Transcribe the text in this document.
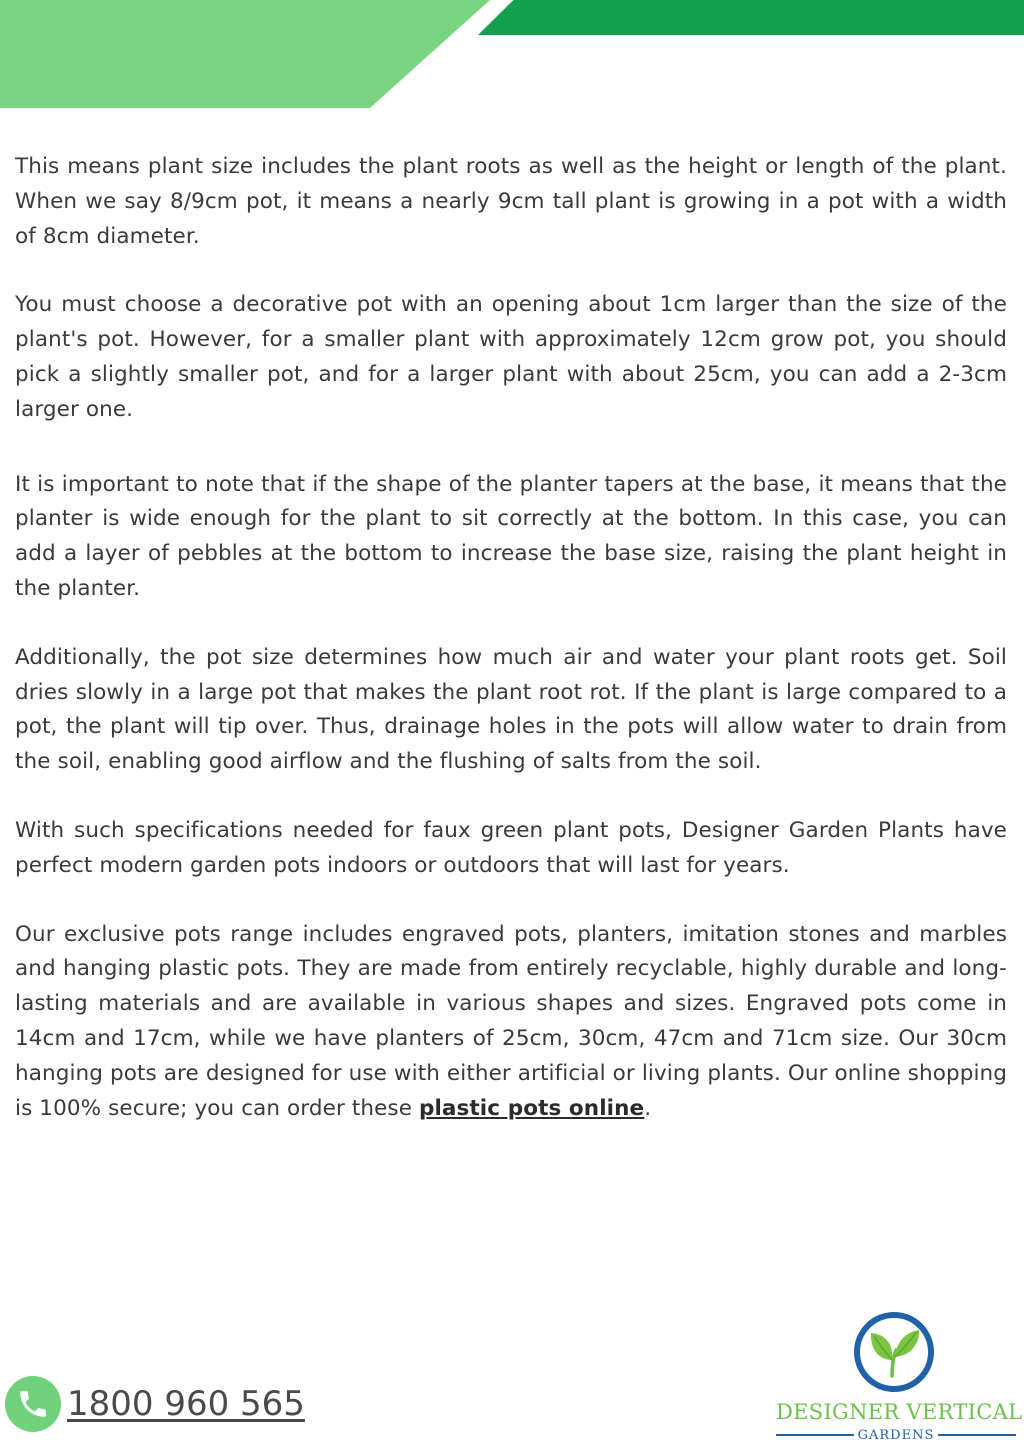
This means plant size includes the plant roots as well as the height or length of the plant. When we say 8/9cm pot, it means a nearly 9cm tall plant is growing in a pot with a width of 8cm diameter.

You must choose a decorative pot with an opening about 1cm larger than the size of the plant's pot. However, for a smaller plant with approximately 12cm grow pot, you should pick a slightly smaller pot, and for a larger plant with about 25cm, you can add a 2-3cm larger one.

It is important to note that if the shape of the planter tapers at the base, it means that the planter is wide enough for the plant to sit correctly at the bottom. In this case, you can add a layer of pebbles at the bottom to increase the base size, raising the plant height in the planter.

Additionally, the pot size determines how much air and water your plant roots get. Soil dries slowly in a large pot that makes the plant root rot. If the plant is large compared to a pot, the plant will tip over. Thus, drainage holes in the pots will allow water to drain from the soil, enabling good airflow and the flushing of salts from the soil.

With such specifications needed for faux green plant pots, Designer Garden Plants have perfect modern garden pots indoors or outdoors that will last for years.

Our exclusive pots range includes engraved pots, planters, imitation stones and marbles and hanging plastic pots. They are made from entirely recyclable, highly durable and long-lasting materials and are available in various shapes and sizes. Engraved pots come in 14cm and 17cm, while we have planters of 25cm, 30cm, 47cm and 71cm size. Our 30cm hanging pots are designed for use with either artificial or living plants. Our online shopping is 100% secure; you can order these plastic pots online.

1800 960 565	DESIGNER VERTICAL
GARDENS
